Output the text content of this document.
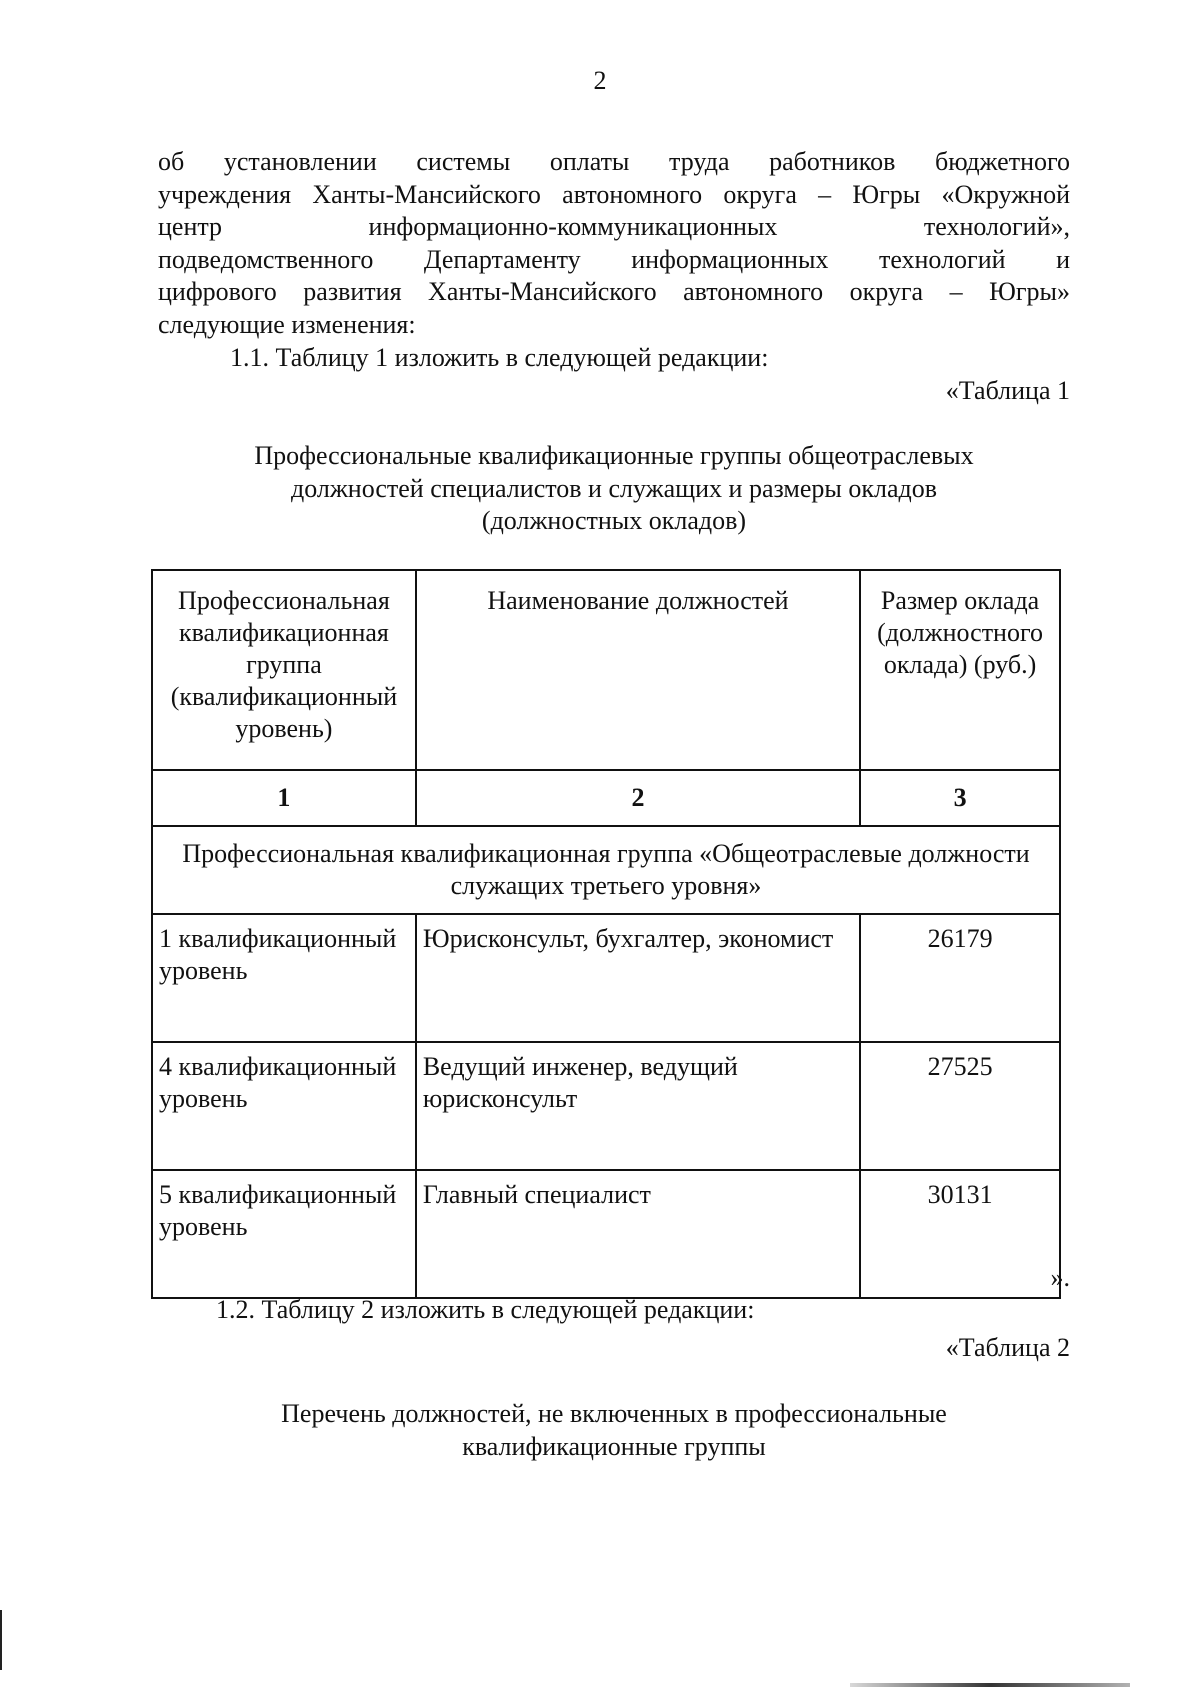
2
об установлении системы оплаты труда работников бюджетного
учреждения Ханты-Мансийского автономного округа – Югры «Окружной
центр информационно-коммуникационных технологий»,
подведомственного Департаменту информационных технологий и
цифрового развития Ханты-Мансийского автономного округа – Югры»
следующие изменения:
1.1. Таблицу 1 изложить в следующей редакции:
«Таблица 1
Профессиональные квалификационные группы общеотраслевых
должностей специалистов и служащих и размеры окладов
(должностных окладов)
Профессиональная квалификационная группа (квалификационный уровень)	Наименование должностей	Размер оклада (должностного оклада) (руб.)
1	2	3
Профессиональная квалификационная группа «Общеотраслевые должности служащих третьего уровня»		
1 квалификационный уровень	Юрисконсульт, бухгалтер, экономист	26179
4 квалификационный уровень	Ведущий инженер, ведущий юрисконсульт	27525
5 квалификационный уровень	Главный специалист	30131
».
1.2. Таблицу 2 изложить в следующей редакции:
«Таблица 2
Перечень должностей, не включенных в профессиональные
квалификационные группы
